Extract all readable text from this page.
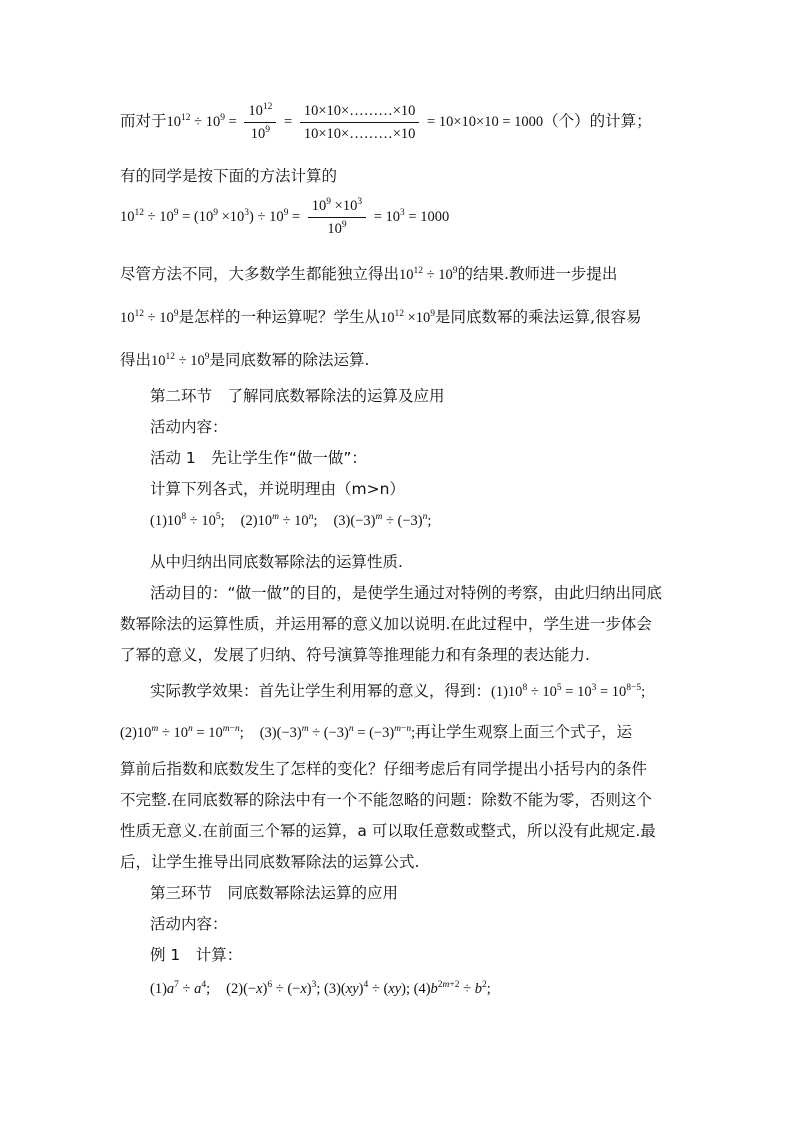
而对于$10^{12} \div 10^9 = \frac{10^{12}}{10^9} = \frac{10\times 10\times\dots\dots\dots\times 10}{10\times 10\times\dots\dots\dots\times 10} = 10\times 10\times 10 = 1000$（个）的计算；
有的同学是按下面的方法计算的
$10^{12} \div 10^9 = (10^9 \times 10^3) \div 10^9 = \frac{10^9 \times 10^3}{10^9} = 10^3 = 1000$
尽管方法不同，大多数学生都能独立得出$10^{12} \div 10^9$的结果.教师进一步提出
$10^{12} \div 10^9$是怎样的一种运算呢？学生从$10^{12} \times 10^9$是同底数幂的乘法运算,很容易
得出$10^{12} \div 10^9$是同底数幂的除法运算.
第二环节　了解同底数幂除法的运算及应用
活动内容：
活动 1　先让学生作“做一做”：
计算下列各式，并说明理由（m>n）
$(1)10^8 \div 10^5$; $(2)10^m \div 10^n$; $(3)(-3)^m \div (-3)^n$;
从中归纳出同底数幂除法的运算性质.
活动目的：“做一做”的目的，是使学生通过对特例的考察，由此归纳出同底
数幂除法的运算性质，并运用幂的意义加以说明.在此过程中，学生进一步体会
了幂的意义，发展了归纳、符号演算等推理能力和有条理的表达能力.
实际教学效果：首先让学生利用幂的意义，得到：$(1)10^8 \div 10^5 = 10^3 = 10^{8-5}$;
$(2)10^m \div 10^n = 10^{m-n}$; $(3)(-3)^m \div (-3)^n = (-3)^{m-n}$;再让学生观察上面三个式子，运
算前后指数和底数发生了怎样的变化？仔细考虑后有同学提出小括号内的条件
不完整.在同底数幂的除法中有一个不能忽略的问题：除数不能为零，否则这个
性质无意义.在前面三个幂的运算，a 可以取任意数或整式，所以没有此规定.最
后，让学生推导出同底数幂除法的运算公式.
第三环节　同底数幂除法运算的应用
活动内容：
例 1　计算：
$(1)a^7 \div a^4$; $(2)(-x)^6 \div (-x)^3$; (3)(xy)$^4$ ÷ (xy); $(4)b^{2m+2} \div b^2$;
